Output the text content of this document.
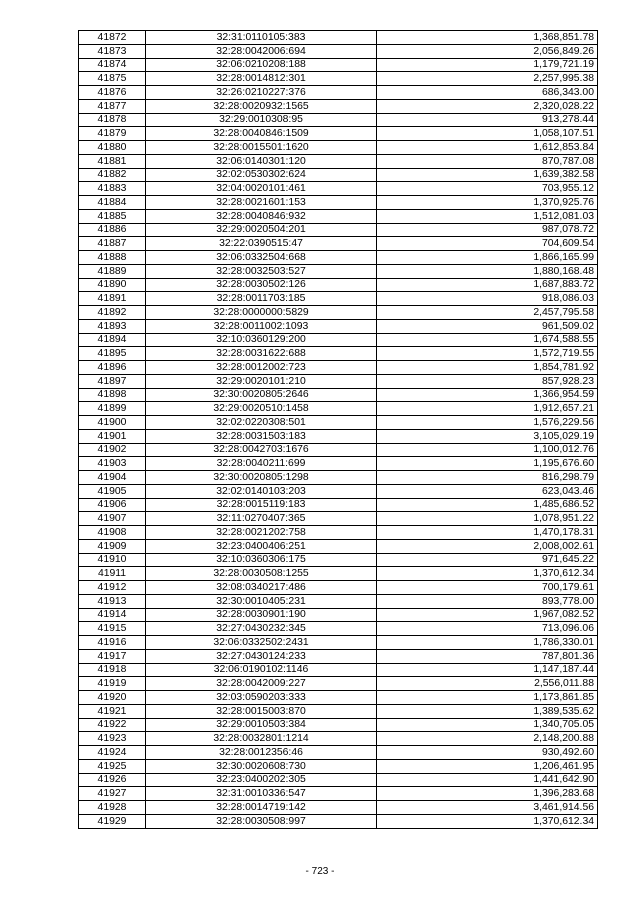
41872	32:31:0110105:383	1,368,851.78
41873	32:28:0042006:694	2,056,849.26
41874	32:06:0210208:188	1,179,721.19
41875	32:28:0014812:301	2,257,995.38
41876	32:26:0210227:376	686,343.00
41877	32:28:0020932:1565	2,320,028.22
41878	32:29:0010308:95	913,278.44
41879	32:28:0040846:1509	1,058,107.51
41880	32:28:0015501:1620	1,612,853.84
41881	32:06:0140301:120	870,787.08
41882	32:02:0530302:624	1,639,382.58
41883	32:04:0020101:461	703,955.12
41884	32:28:0021601:153	1,370,925.76
41885	32:28:0040846:932	1,512,081.03
41886	32:29:0020504:201	987,078.72
41887	32:22:0390515:47	704,609.54
41888	32:06:0332504:668	1,866,165.99
41889	32:28:0032503:527	1,880,168.48
41890	32:28:0030502:126	1,687,883.72
41891	32:28:0011703:185	918,086.03
41892	32:28:0000000:5829	2,457,795.58
41893	32:28:0011002:1093	961,509.02
41894	32:10:0360129:200	1,674,588.55
41895	32:28:0031622:688	1,572,719.55
41896	32:28:0012002:723	1,854,781.92
41897	32:29:0020101:210	857,928.23
41898	32:30:0020805:2646	1,366,954.59
41899	32:29:0020510:1458	1,912,657.21
41900	32:02:0220308:501	1,576,229.56
41901	32:28:0031503:183	3,105,029.19
41902	32:28:0042703:1676	1,100,012.76
41903	32:28:0040211:699	1,195,676.60
41904	32:30:0020805:1298	816,298.79
41905	32:02:0140103:203	623,043.46
41906	32:28:0015119:183	1,485,686.52
41907	32:11:0270407:365	1,078,951.22
41908	32:28:0021202:758	1,470,178.31
41909	32:23:0400406:251	2,008,002.61
41910	32:10:0360306:175	971,645.22
41911	32:28:0030508:1255	1,370,612.34
41912	32:08:0340217:486	700,179.61
41913	32:30:0010405:231	893,778.00
41914	32:28:0030901:190	1,967,082.52
41915	32:27:0430232:345	713,096.06
41916	32:06:0332502:2431	1,786,330.01
41917	32:27:0430124:233	787,801.36
41918	32:06:0190102:1146	1,147,187.44
41919	32:28:0042009:227	2,556,011.88
41920	32:03:0590203:333	1,173,861.85
41921	32:28:0015003:870	1,389,535.62
41922	32:29:0010503:384	1,340,705.05
41923	32:28:0032801:1214	2,148,200.88
41924	32:28:0012356:46	930,492.60
41925	32:30:0020608:730	1,206,461.95
41926	32:23:0400202:305	1,441,642.90
41927	32:31:0010336:547	1,396,283.68
41928	32:28:0014719:142	3,461,914.56
41929	32:28:0030508:997	1,370,612.34
- 723 -
